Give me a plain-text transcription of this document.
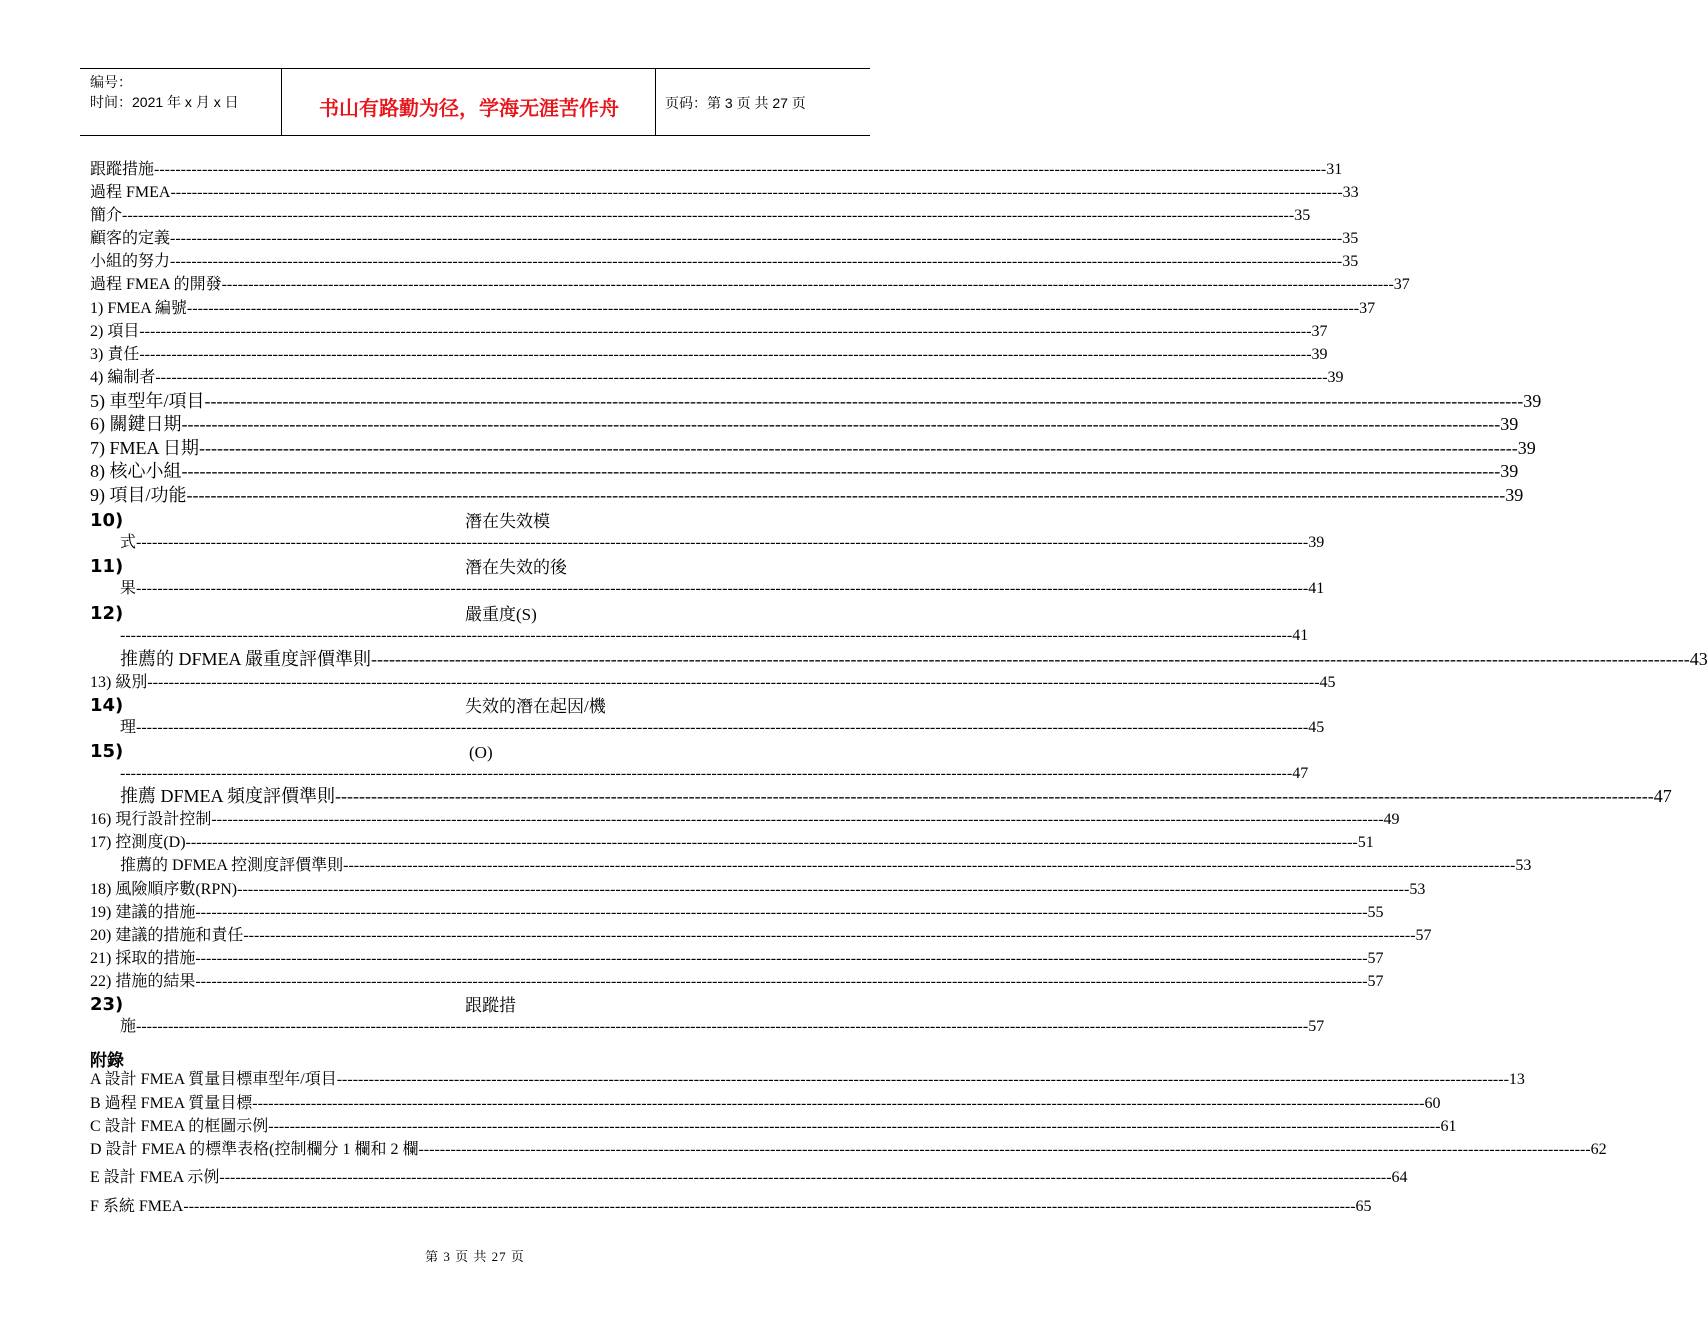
编号：
时间：2021 年 x 月 x 日	书山有路勤为径，学海无涯苦作舟	页码：第 3 页 共 27 页
跟蹤措施 ---------------------------------------------------------------------------------------------------------------------------------------------------------------------------------------------------------------------------- 31
過程 FMEA ---------------------------------------------------------------------------------------------------------------------------------------------------------------------------------------------------------------------------- 33
簡介 ---------------------------------------------------------------------------------------------------------------------------------------------------------------------------------------------------------------------------- 35
顧客的定義 ---------------------------------------------------------------------------------------------------------------------------------------------------------------------------------------------------------------------------- 35
小組的努力 ---------------------------------------------------------------------------------------------------------------------------------------------------------------------------------------------------------------------------- 35
過程 FMEA 的開發 ---------------------------------------------------------------------------------------------------------------------------------------------------------------------------------------------------------------------------- 37
1) FMEA 編號 ---------------------------------------------------------------------------------------------------------------------------------------------------------------------------------------------------------------------------- 37
2) 項目 ---------------------------------------------------------------------------------------------------------------------------------------------------------------------------------------------------------------------------- 37
3) 責任 ---------------------------------------------------------------------------------------------------------------------------------------------------------------------------------------------------------------------------- 39
4) 編制者 ---------------------------------------------------------------------------------------------------------------------------------------------------------------------------------------------------------------------------- 39
5) 車型年/項目 ---------------------------------------------------------------------------------------------------------------------------------------------------------------------------------------------------------------------------- 39
6) 關鍵日期 ---------------------------------------------------------------------------------------------------------------------------------------------------------------------------------------------------------------------------- 39
7) FMEA 日期 ---------------------------------------------------------------------------------------------------------------------------------------------------------------------------------------------------------------------------- 39
8) 核心小組 ---------------------------------------------------------------------------------------------------------------------------------------------------------------------------------------------------------------------------- 39
9) 項目/功能 ---------------------------------------------------------------------------------------------------------------------------------------------------------------------------------------------------------------------------- 39
10)	潛在失效模
式 ---------------------------------------------------------------------------------------------------------------------------------------------------------------------------------------------------------------------------- 39
11)	潛在失效的後
果 ---------------------------------------------------------------------------------------------------------------------------------------------------------------------------------------------------------------------------- 41
12)	嚴重度(S)
---------------------------------------------------------------------------------------------------------------------------------------------------------------------------------------------------------------------------- 41
推薦的 DFMEA 嚴重度評價準則 ---------------------------------------------------------------------------------------------------------------------------------------------------------------------------------------------------------------------------- 43
13) 級別 ---------------------------------------------------------------------------------------------------------------------------------------------------------------------------------------------------------------------------- 45
14)	失效的潛在起因/機
理 ---------------------------------------------------------------------------------------------------------------------------------------------------------------------------------------------------------------------------- 45
15)	(O)
---------------------------------------------------------------------------------------------------------------------------------------------------------------------------------------------------------------------------- 47
推薦 DFMEA 頻度評價準則 ---------------------------------------------------------------------------------------------------------------------------------------------------------------------------------------------------------------------------- 47
16) 現行設計控制 ---------------------------------------------------------------------------------------------------------------------------------------------------------------------------------------------------------------------------- 49
17) 控測度(D) ---------------------------------------------------------------------------------------------------------------------------------------------------------------------------------------------------------------------------- 51
推薦的 DFMEA 控測度評價準則 ---------------------------------------------------------------------------------------------------------------------------------------------------------------------------------------------------------------------------- 53
18) 風險順序數(RPN) ---------------------------------------------------------------------------------------------------------------------------------------------------------------------------------------------------------------------------- 53
19) 建議的措施 ---------------------------------------------------------------------------------------------------------------------------------------------------------------------------------------------------------------------------- 55
20) 建議的措施和責任 ---------------------------------------------------------------------------------------------------------------------------------------------------------------------------------------------------------------------------- 57
21) 採取的措施 ---------------------------------------------------------------------------------------------------------------------------------------------------------------------------------------------------------------------------- 57
22) 措施的結果 ---------------------------------------------------------------------------------------------------------------------------------------------------------------------------------------------------------------------------- 57
23)	跟蹤措
施 ---------------------------------------------------------------------------------------------------------------------------------------------------------------------------------------------------------------------------- 57
A 設計 FMEA 質量目標車型年/項目 ---------------------------------------------------------------------------------------------------------------------------------------------------------------------------------------------------------------------------- 13
B 過程 FMEA 質量目標 ---------------------------------------------------------------------------------------------------------------------------------------------------------------------------------------------------------------------------- 60
C 設計 FMEA 的框圖示例 ---------------------------------------------------------------------------------------------------------------------------------------------------------------------------------------------------------------------------- 61
D 設計 FMEA 的標準表格(控制欄分 1 欄和 2 欄 ---------------------------------------------------------------------------------------------------------------------------------------------------------------------------------------------------------------------------- 62
E 設計 FMEA 示例 ---------------------------------------------------------------------------------------------------------------------------------------------------------------------------------------------------------------------------- 64
F 系統 FMEA ---------------------------------------------------------------------------------------------------------------------------------------------------------------------------------------------------------------------------- 65
附錄
第 3 页 共 27 页
